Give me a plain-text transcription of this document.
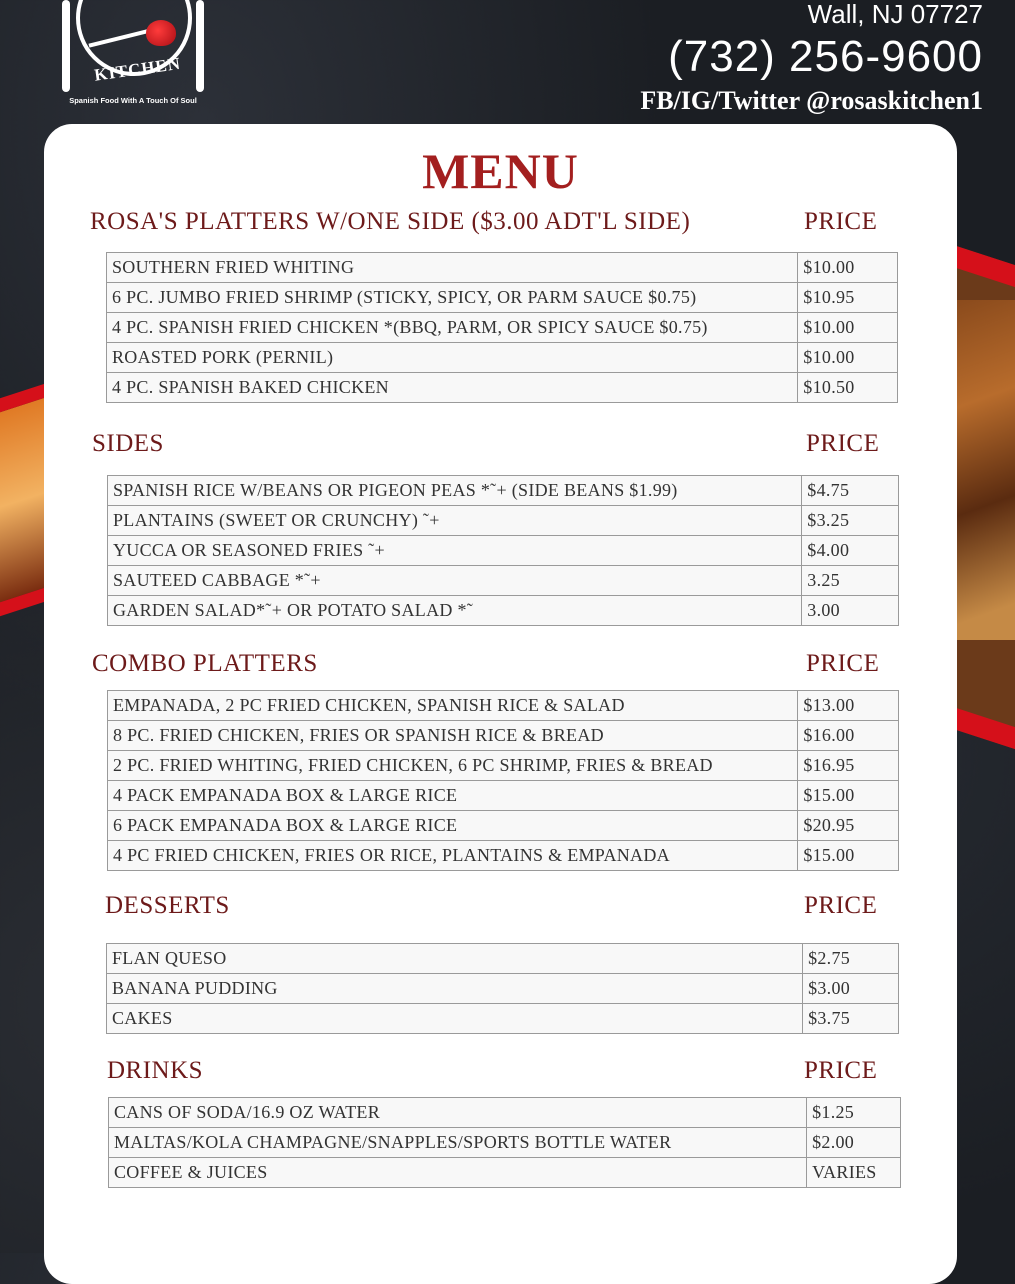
KITCHEN
Spanish Food With A Touch Of Soul
Wall, NJ 07727
(732) 256-9600
FB/IG/Twitter @rosaskitchen1
MENU
ROSA'S PLATTERS W/ONE SIDE ($3.00 ADT'L SIDE)	PRICE
SOUTHERN FRIED WHITING	$10.00
6 PC. JUMBO FRIED SHRIMP (STICKY, SPICY, OR PARM SAUCE $0.75)	$10.95
4 PC. SPANISH FRIED CHICKEN *(BBQ, PARM, OR SPICY SAUCE $0.75)	$10.00
ROASTED PORK (PERNIL)	$10.00
4 PC. SPANISH BAKED CHICKEN	$10.50
SIDES	PRICE
SPANISH RICE W/BEANS OR PIGEON PEAS *˜+ (SIDE BEANS $1.99)	$4.75
PLANTAINS (SWEET OR CRUNCHY) ˜+	$3.25
YUCCA OR SEASONED FRIES ˜+	$4.00
SAUTEED CABBAGE *˜+	3.25
GARDEN SALAD*˜+ OR POTATO SALAD *˜	3.00
COMBO PLATTERS	PRICE
EMPANADA, 2 PC FRIED CHICKEN, SPANISH RICE & SALAD	$13.00
8 PC. FRIED CHICKEN, FRIES OR SPANISH RICE & BREAD	$16.00
2 PC. FRIED WHITING, FRIED CHICKEN, 6 PC SHRIMP, FRIES & BREAD	$16.95
4 PACK EMPANADA BOX & LARGE RICE	$15.00
6 PACK EMPANADA BOX & LARGE RICE	$20.95
4 PC FRIED CHICKEN, FRIES OR RICE, PLANTAINS & EMPANADA	$15.00
DESSERTS	PRICE
FLAN QUESO	$2.75
BANANA PUDDING	$3.00
CAKES	$3.75
DRINKS	PRICE
CANS OF SODA/16.9 OZ WATER	$1.25
MALTAS/KOLA CHAMPAGNE/SNAPPLES/SPORTS BOTTLE WATER	$2.00
COFFEE & JUICES	VARIES
